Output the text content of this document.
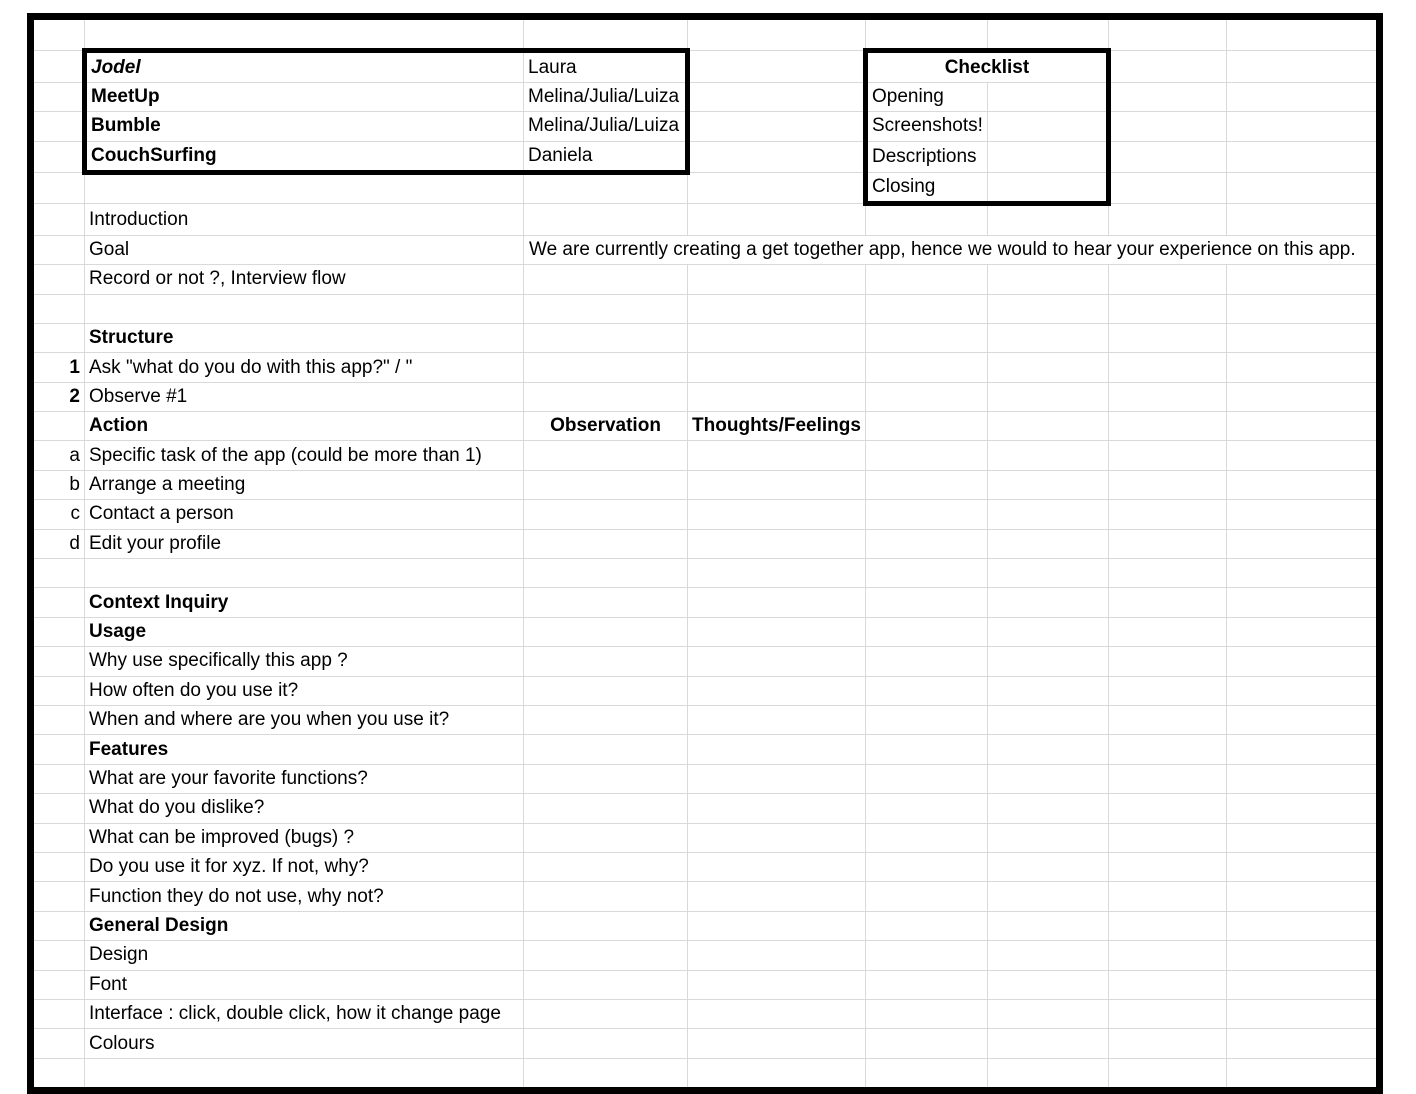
	Jodel	Laura		Checklist			
	MeetUp	Melina/Julia/Luiza		Opening			
	Bumble	Melina/Julia/Luiza		Screenshots!			
	CouchSurfing	Daniela		Descriptions			
				Closing			
	Introduction						
	Goal	We are currently creating a get together app, hence we would to hear your experience on this app.					
	Record or not ?, Interview flow						

	Structure						
1	Ask "what do you do with this app?" / "						
2	Observe #1						
	Action	Observation	Thoughts/Feelings				
a	Specific task of the app (could be more than 1)						
b	Arrange a meeting						
c	Contact a person						
d	Edit your profile						

	Context Inquiry						
	Usage						
	Why use specifically this app ?						
	How often do you use it?						
	When and where are you when you use it?						
	Features						
	What are your favorite functions?						
	What do you dislike?						
	What can be improved (bugs) ?						
	Do you use it for xyz. If not, why?						
	Function they do not use, why not?						
	General Design						
	Design						
	Font						
	Interface : click, double click, how it change page						
	Colours						
